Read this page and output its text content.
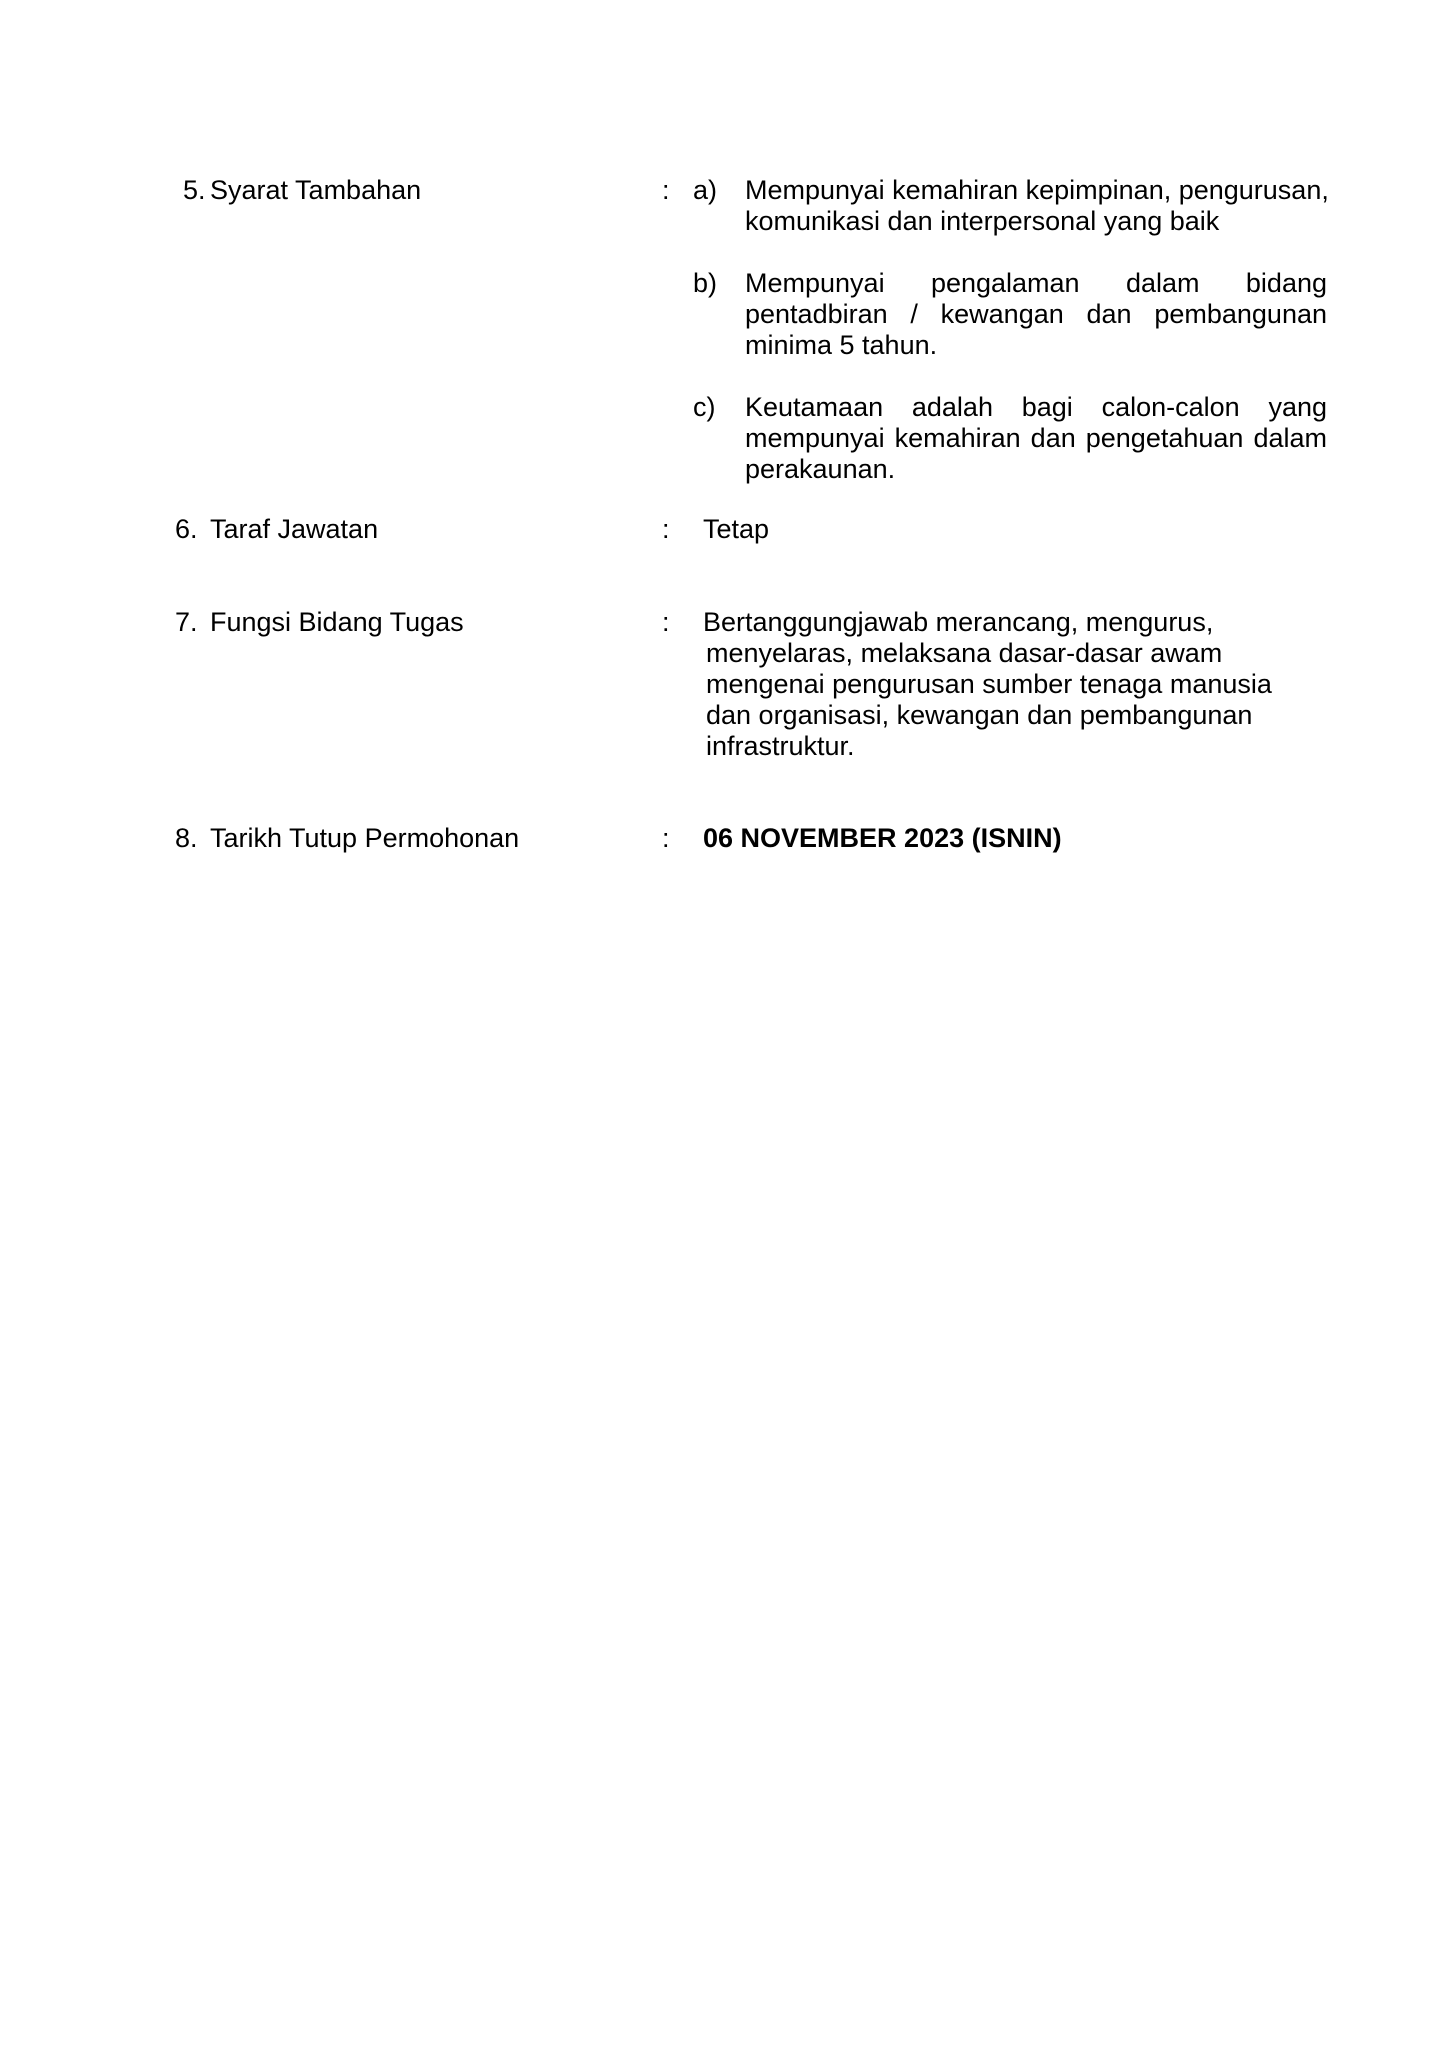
5. Syarat Tambahan	: a) Mempunyai kemahiran kepimpinan, pengurusan,
komunikasi dan interpersonal yang baik
b) Mempunyai pengalaman dalam bidang
pentadbiran / kewangan dan pembangunan
minima 5 tahun.
c) Keutamaan adalah bagi calon-calon yang
mempunyai kemahiran dan pengetahuan dalam
perakaunan.
6. Taraf Jawatan	: Tetap
7. Fungsi Bidang Tugas	: Bertanggungjawab merancang, mengurus,
menyelaras, melaksana dasar-dasar awam
mengenai pengurusan sumber tenaga manusia
dan organisasi, kewangan dan pembangunan
infrastruktur.
8. Tarikh Tutup Permohonan	: 06 NOVEMBER 2023 (ISNIN)
